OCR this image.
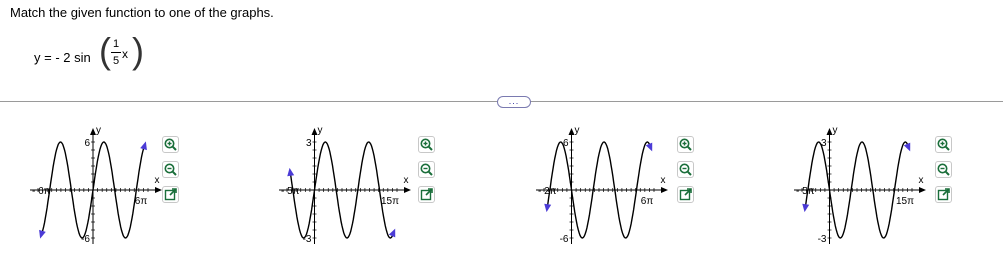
Match the given function to one of the graphs.
y = - 2 sin ( 1
5 x )
...
y
x
6
-6
- 6π
6π
y
x
3
-3
- 5π
15π
y
x
6
-6
- 2π
6π
y
x
3
-3
- 5π
15π
